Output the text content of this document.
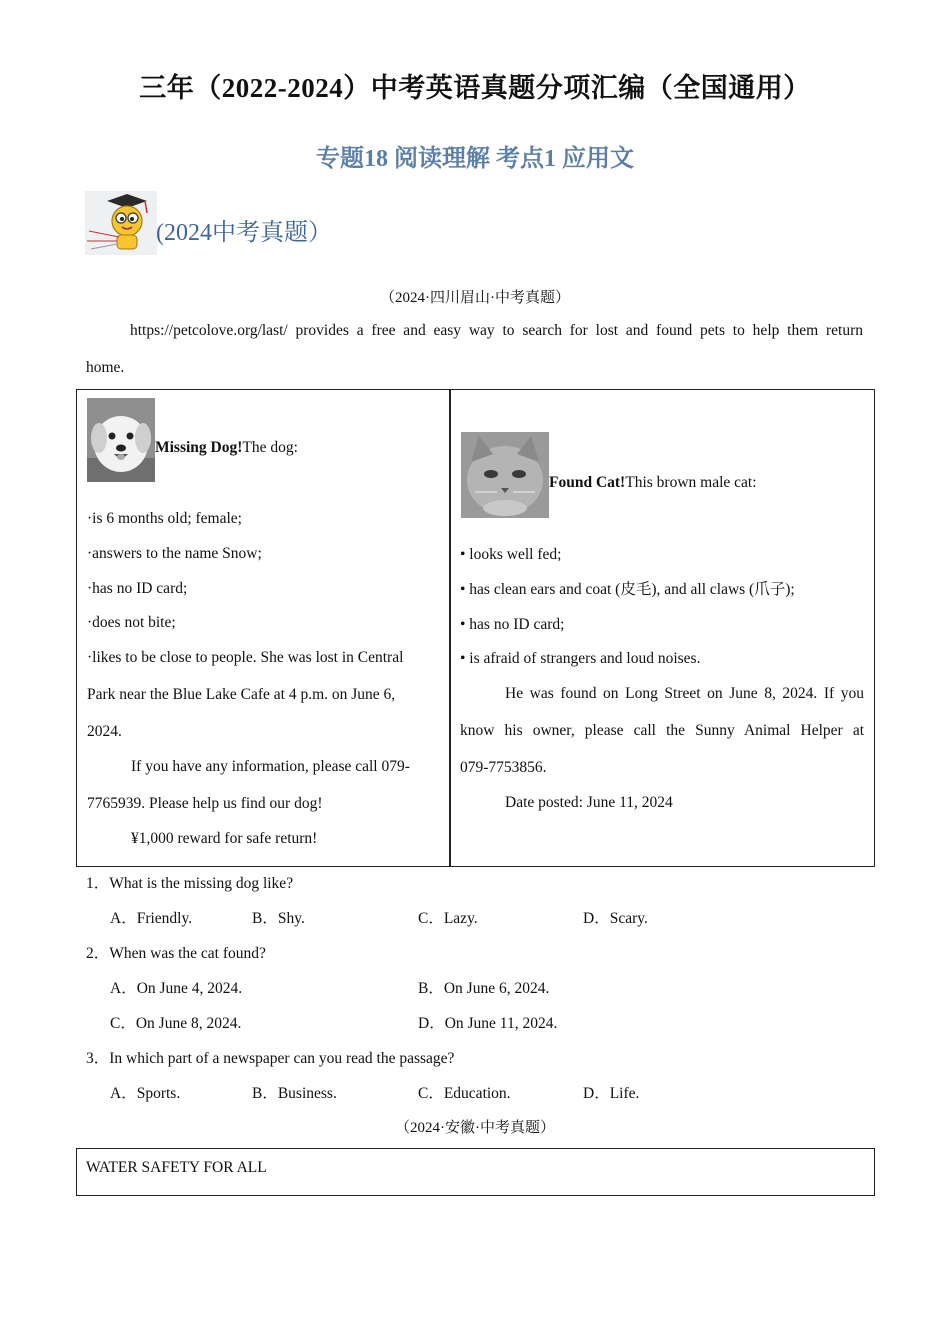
三年（2022-2024）中考英语真题分项汇编（全国通用）
专题18 阅读理解 考点1 应用文
(2024中考真题）
（2024·四川眉山·中考真题）
https://petcolove.org/last/ provides a free and easy way to search for lost and found pets to help them return
home.
Missing Dog!The dog:
·is 6 months old; female;
·answers to the name Snow;
·has no ID card;
·does not bite;
·likes to be close to people. She was lost in Central
Park near the Blue Lake Cafe at 4 p.m. on June 6,
2024.
If you have any information, please call 079-
7765939. Please help us find our dog!
¥1,000 reward for safe return!
Found Cat!This brown male cat:
• looks well fed;
• has clean ears and coat (皮毛), and all claws (爪子);
• has no ID card;
• is afraid of strangers and loud noises.
He was found on Long Street on June 8, 2024. If you
know his owner, please call the Sunny Animal Helper at
079-7753856.
Date posted: June 11, 2024
1．What is the missing dog like?
A．Friendly.	B．Shy.	C．Lazy.	D．Scary.
2．When was the cat found?
A．On June 4, 2024.	B．On June 6, 2024.
C．On June 8, 2024.	D．On June 11, 2024.
3．In which part of a newspaper can you read the passage?
A．Sports.	B．Business.	C．Education.	D．Life.
（2024·安徽·中考真题）
WATER SAFETY FOR ALL
